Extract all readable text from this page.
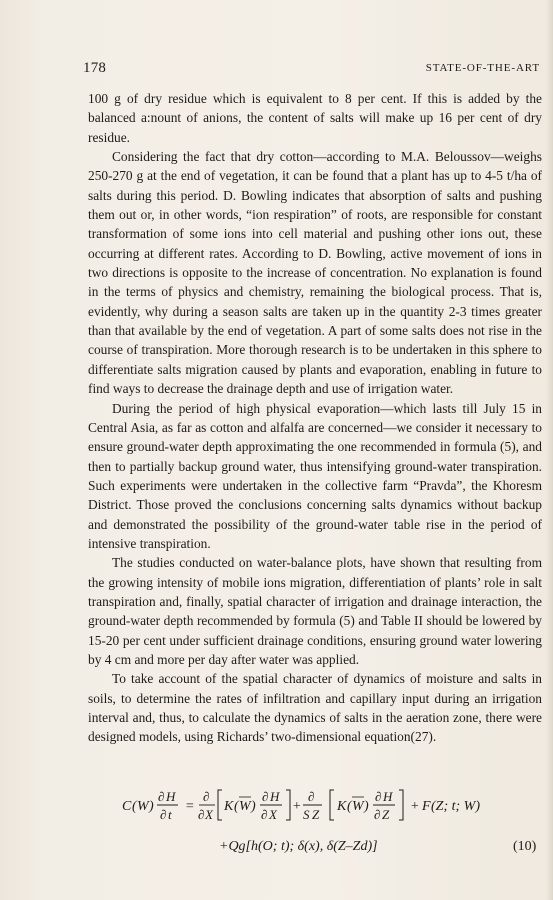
178	STATE-OF-THE-ART

100 g of dry residue which is equivalent to 8 per cent. If this is added by the balanced a:nount of anions, the content of salts will make up 16 per cent of dry residue.

Considering the fact that dry cotton—according to M.A. Beloussov—weighs 250-270 g at the end of vegetation, it can be found that a plant has up to 4-5 t/ha of salts during this period. D. Bowling indicates that absorption of salts and pushing them out or, in other words, “ion respiration” of roots, are responsible for constant transformation of some ions into cell material and pushing other ions out, these occurring at different rates. According to D. Bowling, active movement of ions in two directions is opposite to the increase of concentration. No explanation is found in the terms of physics and chemistry, remaining the biological process. That is, evidently, why during a season salts are taken up in the quantity 2-3 times greater than that available by the end of vegetation. A part of some salts does not rise in the course of transpiration. More thorough research is to be undertaken in this sphere to differentiate salts migration caused by plants and evaporation, enabling in future to find ways to decrease the drainage depth and use of irrigation water.

During the period of high physical evaporation—which lasts till July 15 in Central Asia, as far as cotton and alfalfa are concerned—we consider it necessary to ensure ground-water depth approximating the one recommended in formula (5), and then to partially backup ground water, thus intensifying ground-water transpiration. Such experiments were undertaken in the collective farm “Pravda”, the Khoresm District. Those proved the conclusions concerning salts dynamics without backup and demonstrated the possibility of the ground-water table rise in the period of intensive transpiration.

The studies conducted on water-balance plots, have shown that resulting from the growing intensity of mobile ions migration, differentiation of plants’ role in salt transpiration and, finally, spatial character of irrigation and drainage interaction, the ground-water depth recommended by formula (5) and Table II should be lowered by 15-20 per cent under sufficient drainage conditions, ensuring ground water lowering by 4 cm and more per day after water was applied.

To take account of the spatial character of dynamics of moisture and salts in soils, to determine the rates of infiltration and capillary input during an irrigation interval and, thus, to calculate the dynamics of salts in the aeration zone, there were designed models, using Richards’ two-dimensional equation(27).

C ( W )
∂ H
∂ t
=
∂
∂ X
K ( W )
∂ H
∂ X
+
∂
S Z
K ( W )
∂ H
∂ Z
+ F (Z; t; W)
+Qg[h(O; t); δ(x), δ(Z–Zd)]	(10)
